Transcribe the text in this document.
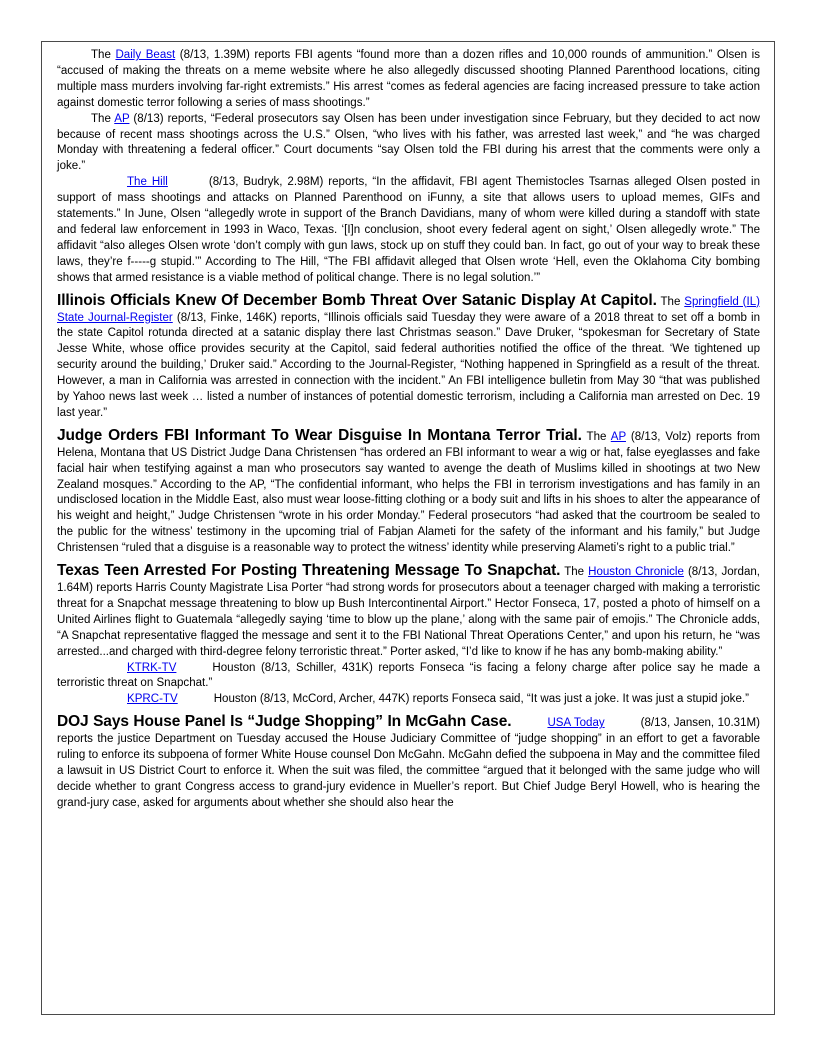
The Daily Beast (8/13, 1.39M) reports FBI agents “found more than a dozen rifles and 10,000 rounds of ammunition.” Olsen is “accused of making the threats on a meme website where he also allegedly discussed shooting Planned Parenthood locations, citing multiple mass murders involving far-right extremists.” His arrest “comes as federal agencies are facing increased pressure to take action against domestic terror following a series of mass shootings.”

The AP (8/13) reports, “Federal prosecutors say Olsen has been under investigation since February, but they decided to act now because of recent mass shootings across the U.S.” Olsen, “who lives with his father, was arrested last week,” and “he was charged Monday with threatening a federal officer.” Court documents “say Olsen told the FBI during his arrest that the comments were only a joke.”

The Hill	(8/13, Budryk, 2.98M) reports, “In the affidavit, FBI agent Themistocles Tsarnas alleged Olsen posted in support of mass shootings and attacks on Planned Parenthood on iFunny, a site that allows users to upload memes, GIFs and statements.” In June, Olsen “allegedly wrote in support of the Branch Davidians, many of whom were killed during a standoff with state and federal law enforcement in 1993 in Waco, Texas. ‘[I]n conclusion, shoot every federal agent on sight,’ Olsen allegedly wrote.” The affidavit “also alleges Olsen wrote ‘don’t comply with gun laws, stock up on stuff they could ban. In fact, go out of your way to break these laws, they’re f-----g stupid.’” According to The Hill, “The FBI affidavit alleged that Olsen wrote ‘Hell, even the Oklahoma City bombing shows that armed resistance is a viable method of political change. There is no legal solution.’”

Illinois Officials Knew Of December Bomb Threat Over Satanic Display At Capitol. The Springfield (IL) State Journal-Register (8/13, Finke, 146K) reports, “Illinois officials said Tuesday they were aware of a 2018 threat to set off a bomb in the state Capitol rotunda directed at a satanic display there last Christmas season.” Dave Druker, “spokesman for Secretary of State Jesse White, whose office provides security at the Capitol, said federal authorities notified the office of the threat. ‘We tightened up security around the building,’ Druker said.” According to the Journal-Register, “Nothing happened in Springfield as a result of the threat. However, a man in California was arrested in connection with the incident.” An FBI intelligence bulletin from May 30 “that was published by Yahoo news last week … listed a number of instances of potential domestic terrorism, including a California man arrested on Dec. 19 last year.”

Judge Orders FBI Informant To Wear Disguise In Montana Terror Trial. The AP (8/13, Volz) reports from Helena, Montana that US District Judge Dana Christensen “has ordered an FBI informant to wear a wig or hat, false eyeglasses and fake facial hair when testifying against a man who prosecutors say wanted to avenge the death of Muslims killed in shootings at two New Zealand mosques.” According to the AP, “The confidential informant, who helps the FBI in terrorism investigations and has family in an undisclosed location in the Middle East, also must wear loose-fitting clothing or a body suit and lifts in his shoes to alter the appearance of his weight and height,” Judge Christensen “wrote in his order Monday.” Federal prosecutors “had asked that the courtroom be sealed to the public for the witness’ testimony in the upcoming trial of Fabjan Alameti for the safety of the informant and his family,” but Judge Christensen “ruled that a disguise is a reasonable way to protect the witness’ identity while preserving Alameti’s right to a public trial.”

Texas Teen Arrested For Posting Threatening Message To Snapchat. The Houston Chronicle (8/13, Jordan, 1.64M) reports Harris County Magistrate Lisa Porter “had strong words for prosecutors about a teenager charged with making a terroristic threat for a Snapchat message threatening to blow up Bush Intercontinental Airport.” Hector Fonseca, 17, posted a photo of himself on a United Airlines flight to Guatemala “allegedly saying ‘time to blow up the plane,’ along with the same pair of emojis.” The Chronicle adds, “A Snapchat representative flagged the message and sent it to the FBI National Threat Operations Center,” and upon his return, he “was arrested...and charged with third-degree felony terroristic threat.” Porter asked, “I’d like to know if he has any bomb-making ability.”

KTRK-TV	Houston (8/13, Schiller, 431K) reports Fonseca “is facing a felony charge after police say he made a terroristic threat on Snapchat.”

KPRC-TV	Houston (8/13, McCord, Archer, 447K) reports Fonseca said, “It was just a joke. It was just a stupid joke.”

DOJ Says House Panel Is “Judge Shopping” In McGahn Case.	USA Today	(8/13, Jansen, 10.31M) reports the justice Department on Tuesday accused the House Judiciary Committee of “judge shopping” in an effort to get a favorable ruling to enforce its subpoena of former White House counsel Don McGahn. McGahn defied the subpoena in May and the committee filed a lawsuit in US District Court to enforce it. When the suit was filed, the committee “argued that it belonged with the same judge who will decide whether to grant Congress access to grand-jury evidence in Mueller’s report. But Chief Judge Beryl Howell, who is hearing the grand-jury case, asked for arguments about whether she should also hear the
